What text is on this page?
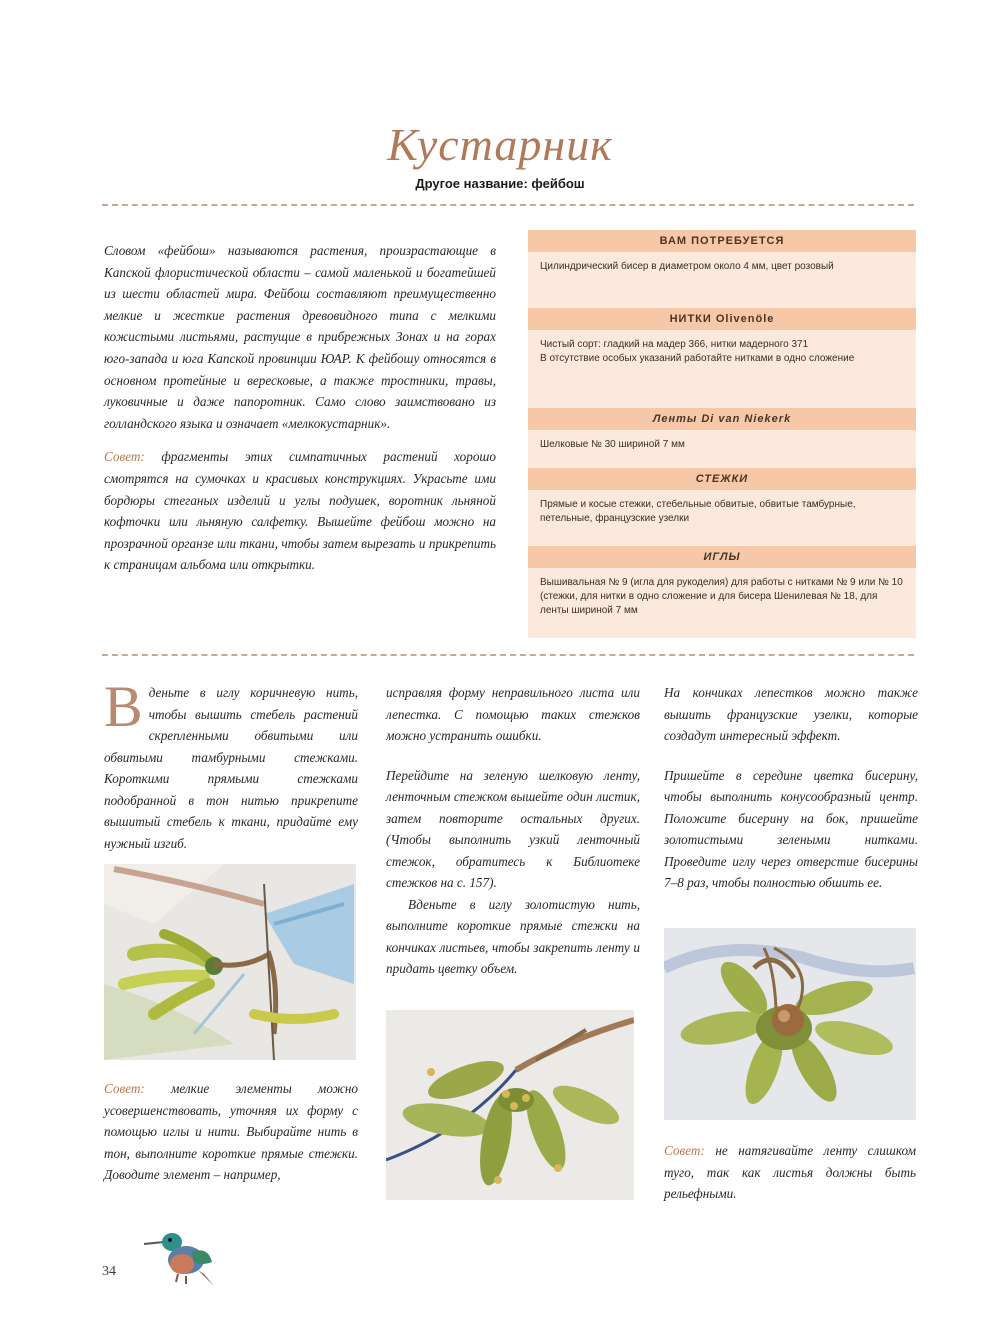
Кустарник
Другое название: фейбош

Словом «фейбош» называются растения, произрастающие в Капской флористической области – самой маленькой и богатейшей из шести областей мира. Фейбош составляют преимущественно мелкие и жесткие растения древовидного типа с мелкими кожистыми листьями, растущие в прибрежных Зонах и на горах юго-запада и юга Капской провинции ЮАР. К фейбошу относятся в основном протейные и вересковые, а также тростники, травы, луковичные и даже папоротник. Само слово заимствовано из голландского языка и означает «мелкокустарник».

Совет: фрагменты этих симпатичных растений хорошо смотрятся на сумочках и красивых конструкциях. Украсьте ими бордюры стеганых изделий и углы подушек, воротник льняной кофточки или льняную салфетку. Вышейте фейбош можно на прозрачной органзе или ткани, чтобы затем вырезать и прикрепить к страницам альбома или открытки.

ВАМ ПОТРЕБУЕТСЯ
Цилиндрический бисер в диаметром около 4 мм, цвет розовый
НИТКИ Оlivenöle
Чистый сорт: гладкий на мадер 366, нитки мадерного 371
В отсутствие особых указаний работайте нитками в одно сложение
Ленты Di van Niekerk
Шелковые № 30 шириной 7 мм
СТЕЖКИ
Прямые и косые стежки, стебельные обвитые, обвитые тамбурные, петельные, французские узелки
ИГЛЫ
Вышивальная № 9 (игла для рукоделия) для работы с нитками № 9 или № 10 (стежки, для нитки в одно сложение и для бисера Шенилевая № 18, для ленты шириной 7 мм

Вденьте в иглу коричневую нить, чтобы вышить стебель растений скрепленными обвитыми или обвитыми тамбурными стежками. Короткими прямыми стежками подобранной в тон нитью прикрепите вышитый стебель к ткани, придайте ему нужный изгиб.

Совет: мелкие элементы можно усовершенствовать, уточняя их форму с помощью иглы и нити. Выбирайте нить в тон, выполните короткие прямые стежки. Доводите элемент – например,

исправляя форму неправильного листа или лепестка. С помощью таких стежков можно устранить ошибки.

Перейдите на зеленую шелковую ленту, ленточным стежком вышейте один листик, затем повторите остальных других. (Чтобы выполнить узкий ленточный стежок, обратитесь к Библиотеке стежков на с. 157).

Вденьте в иглу золотистую нить, выполните короткие прямые стежки на кончиках листьев, чтобы закрепить ленту и придать цветку объем.

На кончиках лепестков можно также вышить французские узелки, которые создадут интересный эффект.

Пришейте в середине цветка бисерину, чтобы выполнить конусообразный центр. Положите бисерину на бок, пришейте золотистыми зелеными нитками. Проведите иглу через отверстие бисерины 7–8 раз, чтобы полностью обшить ее.

Совет: не натягивайте ленту слишком туго, так как листья должны быть рельефными.
34
